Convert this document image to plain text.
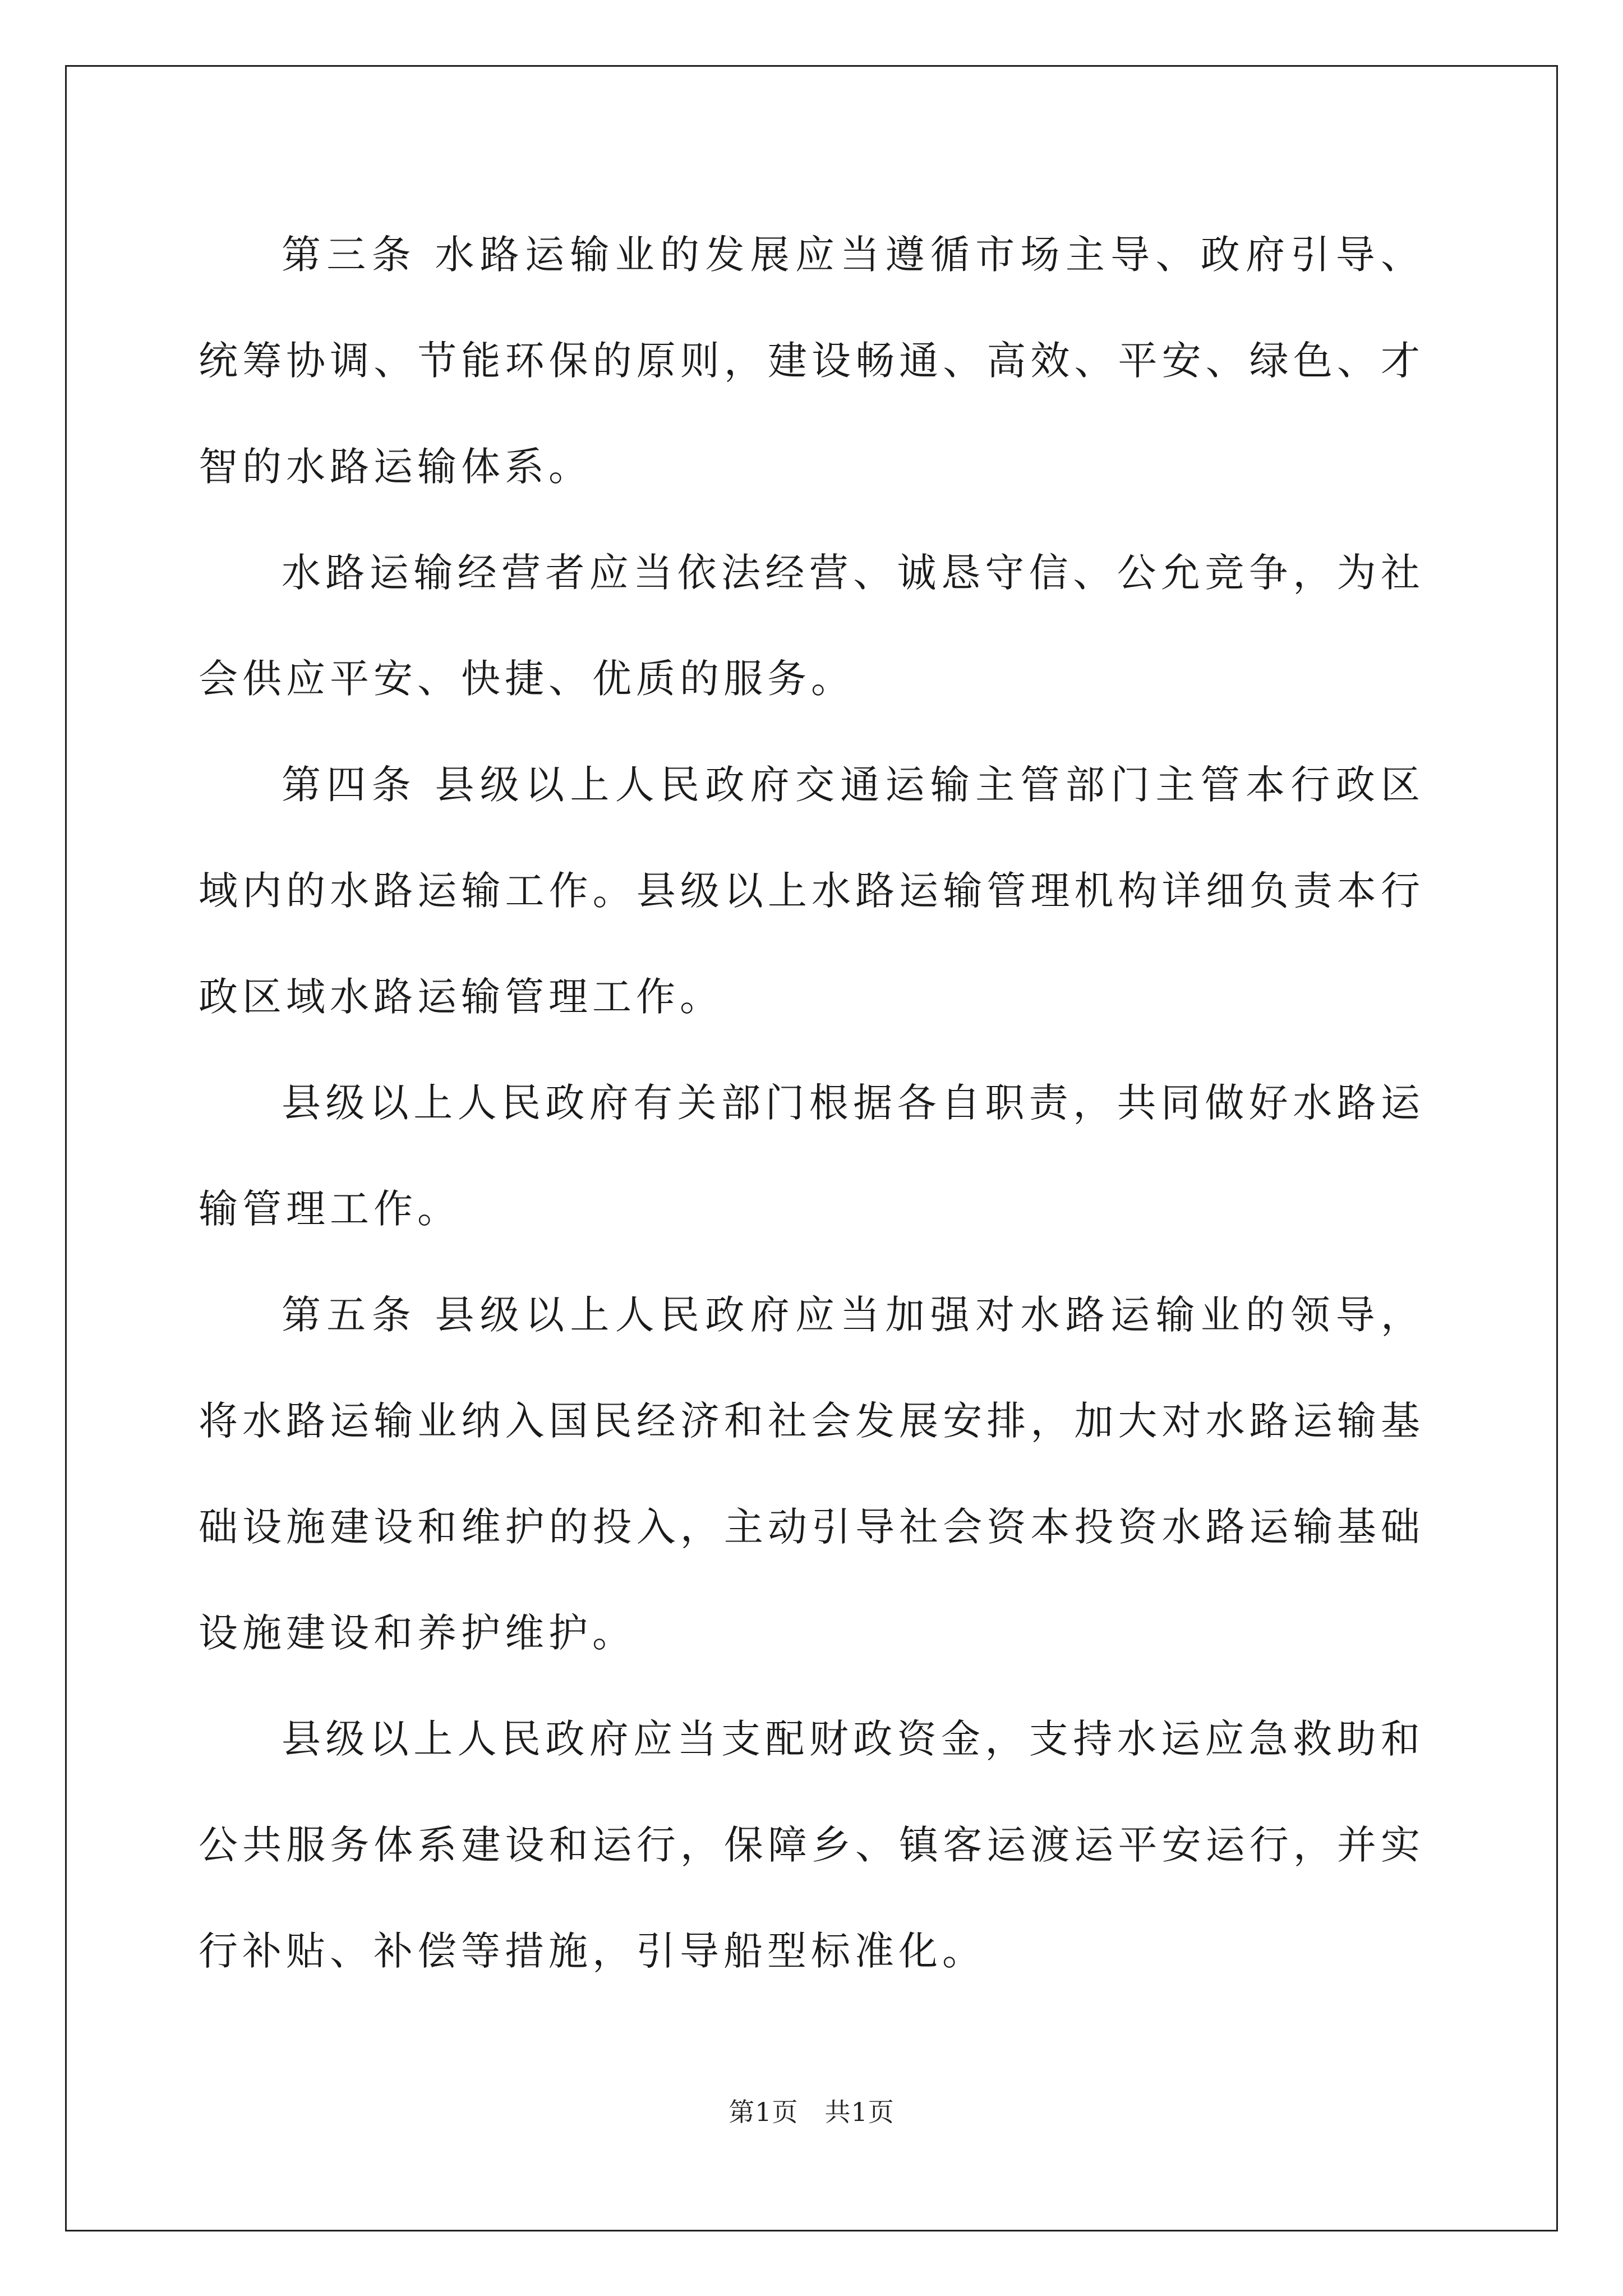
第三条 水路运输业的发展应当遵循市场主导、政府引导、统筹协调、节能环保的原则，建设畅通、高效、平安、绿色、才智的水路运输体系。

水路运输经营者应当依法经营、诚恳守信、公允竞争，为社会供应平安、快捷、优质的服务。

第四条 县级以上人民政府交通运输主管部门主管本行政区域内的水路运输工作。县级以上水路运输管理机构详细负责本行政区域水路运输管理工作。

县级以上人民政府有关部门根据各自职责，共同做好水路运输管理工作。

第五条 县级以上人民政府应当加强对水路运输业的领导，将水路运输业纳入国民经济和社会发展安排，加大对水路运输基础设施建设和维护的投入，主动引导社会资本投资水路运输基础设施建设和养护维护。

县级以上人民政府应当支配财政资金，支持水运应急救助和公共服务体系建设和运行，保障乡、镇客运渡运平安运行，并实行补贴、补偿等措施，引导船型标准化。

第1页　共1页
